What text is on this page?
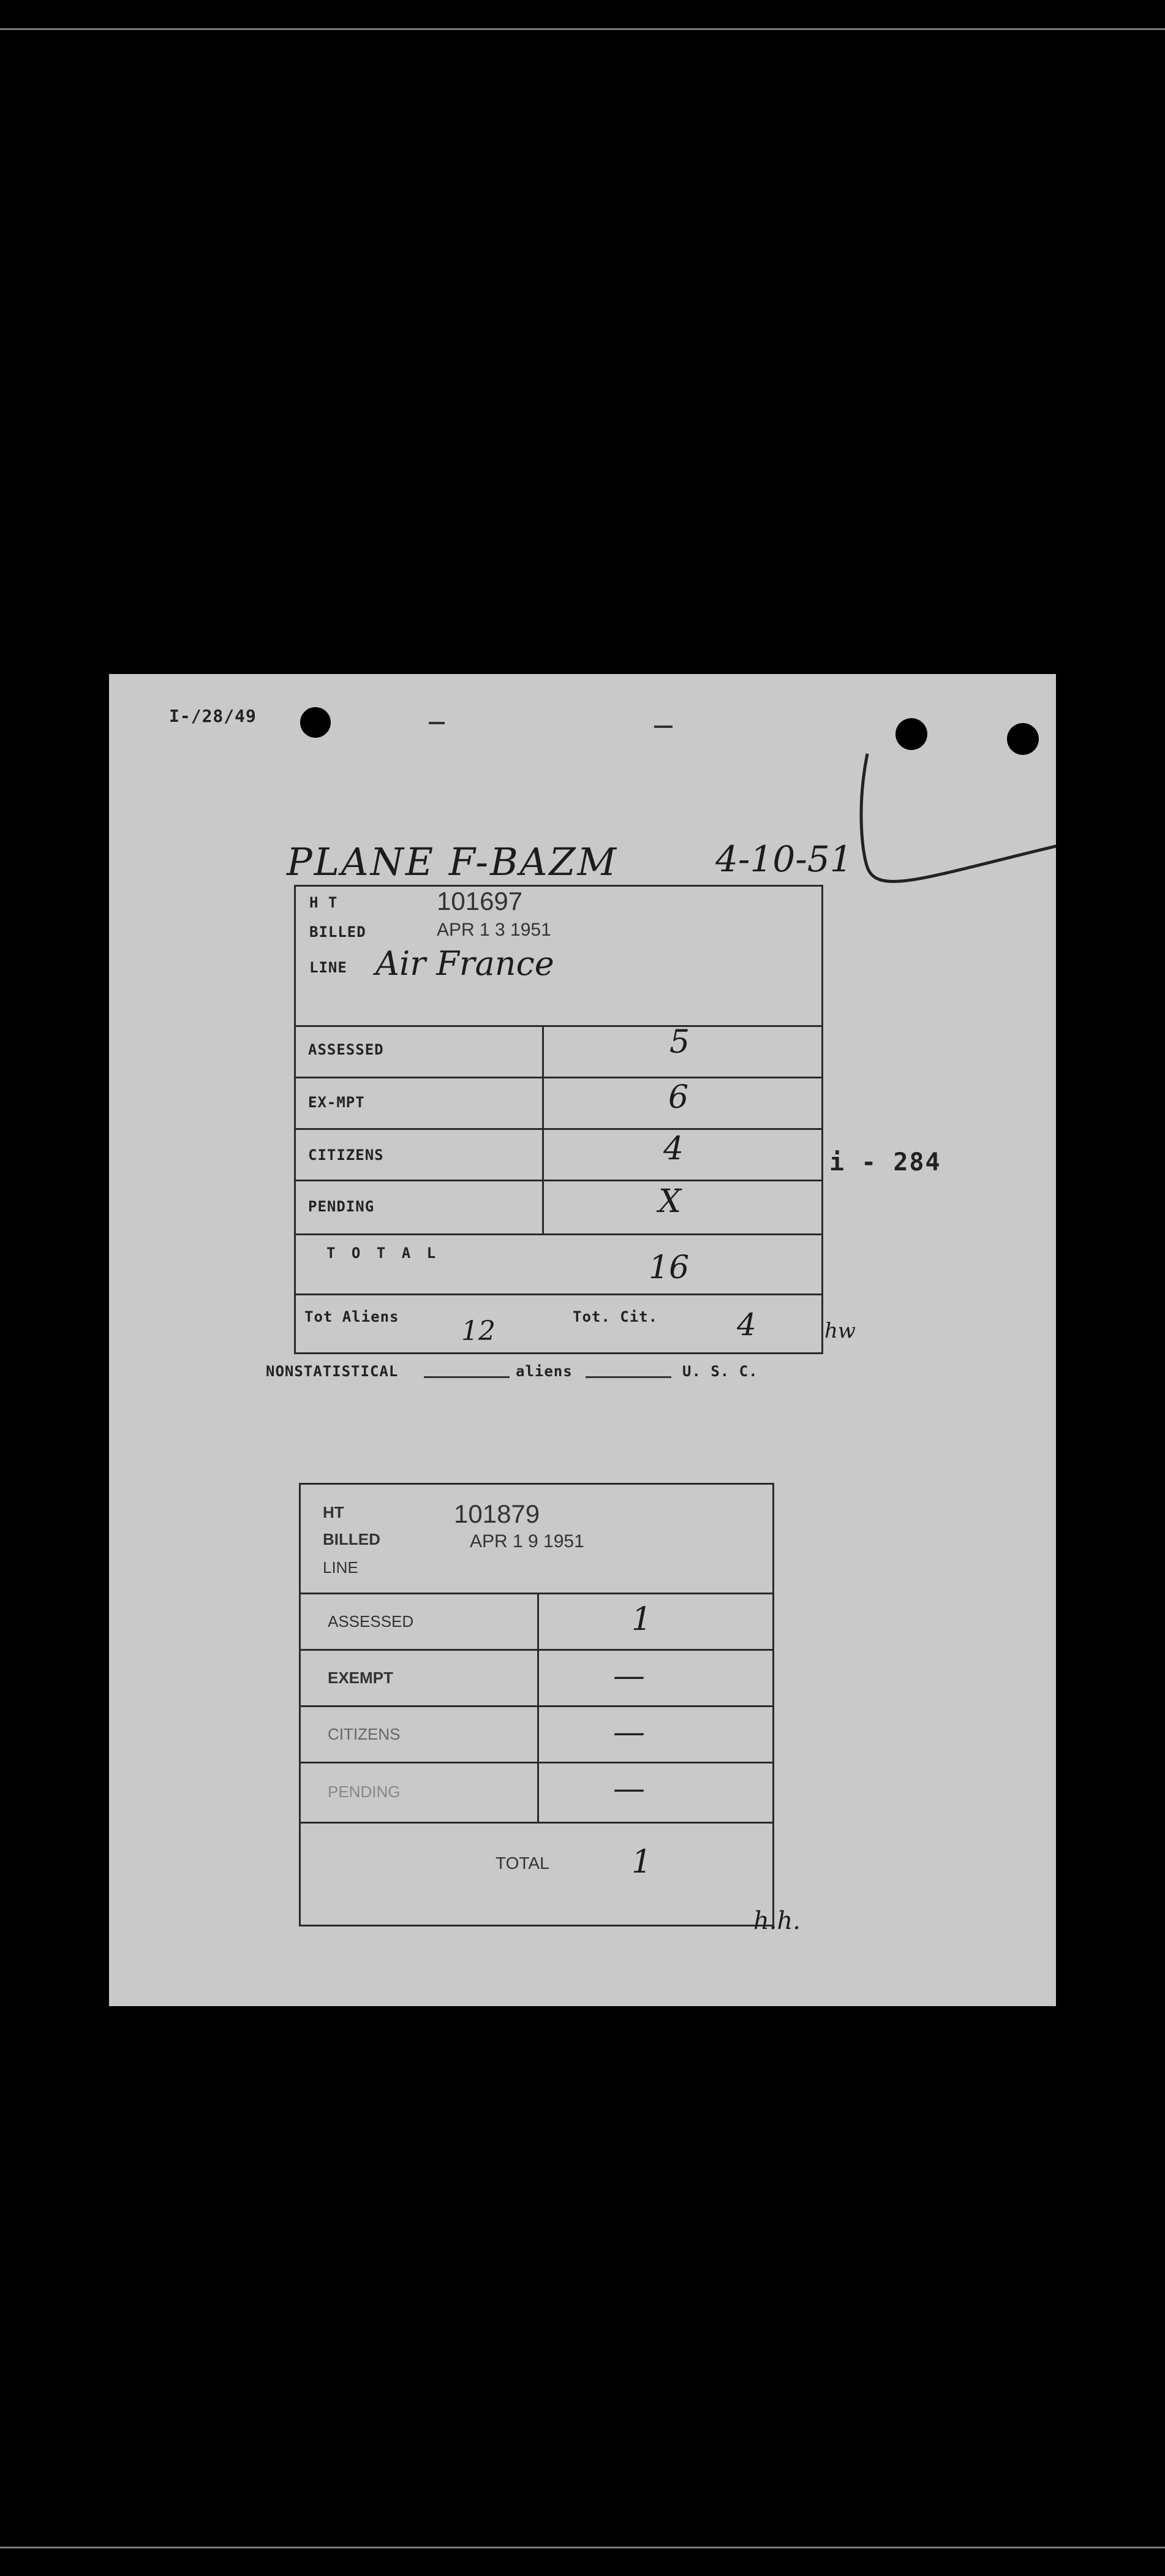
I-/28/49
PLANE F-BAZM	4-10-51
H T	101697
BILLED	APR 1 3 1951
LINE Air France
ASSESSED	5
EX-MPT	6
CITIZENS	4
PENDING	X
T O T A L	16
Tot Aliens 12	Tot. Cit.	4	hw
i - 284
NONSTATISTICAL	aliens	U. S. C.
HT	101879
BILLED	APR 1 9 1951
LINE
ASSESSED	1
EXEMPT	—
CITIZENS	—
PENDING	—
TOTAL	1
h.h.
